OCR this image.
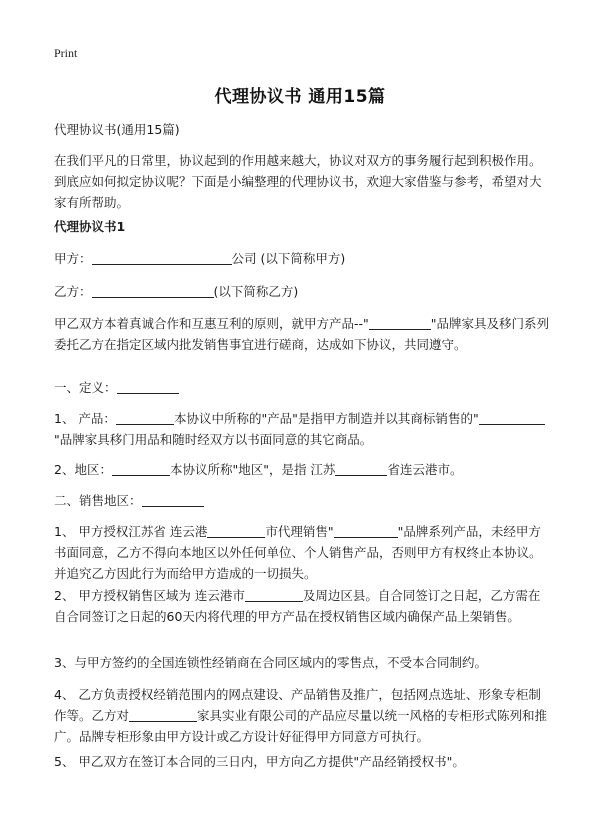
Print
代理协议书 通用15篇
代理协议书(通用15篇)
在我们平凡的日常里，协议起到的作用越来越大，协议对双方的事务履行起到积极作用。到底应如何拟定协议呢？下面是小编整理的代理协议书，欢迎大家借鉴与参考，希望对大家有所帮助。
代理协议书1
甲方：	公司 (以下简称甲方)
乙方：	(以下简称乙方)
甲乙双方本着真诚合作和互惠互利的原则，就甲方产品--"	"品牌家具及移门系列委托乙方在指定区域内批发销售事宜进行磋商，达成如下协议，共同遵守。
一、定义：
1、 产品：	本协议中所称的"产品"是指甲方制造并以其商标销售的""品牌家具移门用品和随时经双方以书面同意的其它商品。
2、地区：	本协议所称"地区"，是指 江苏	省连云港市。
二、销售地区：
1、 甲方授权江苏省 连云港	市代理销售"	"品牌系列产品，未经甲方书面同意，乙方不得向本地区以外任何单位、个人销售产品，否则甲方有权终止本协议。并追究乙方因此行为而给甲方造成的一切损失。
2、 甲方授权销售区域为 连云港市	及周边区县。自合同签订之日起，乙方需在自合同签订之日起的60天内将代理的甲方产品在授权销售区域内确保产品上架销售。
3、与甲方签约的全国连锁性经销商在合同区域内的零售点，不受本合同制约。
4、 乙方负责授权经销范围内的网点建设、产品销售及推广，包括网点选址、形象专柜制作等。乙方对	家具实业有限公司的产品应尽量以统一风格的专柜形式陈列和推广。品牌专柜形象由甲方设计或乙方设计好征得甲方同意方可执行。
5、 甲乙双方在签订本合同的三日内，甲方向乙方提供"产品经销授权书"。
